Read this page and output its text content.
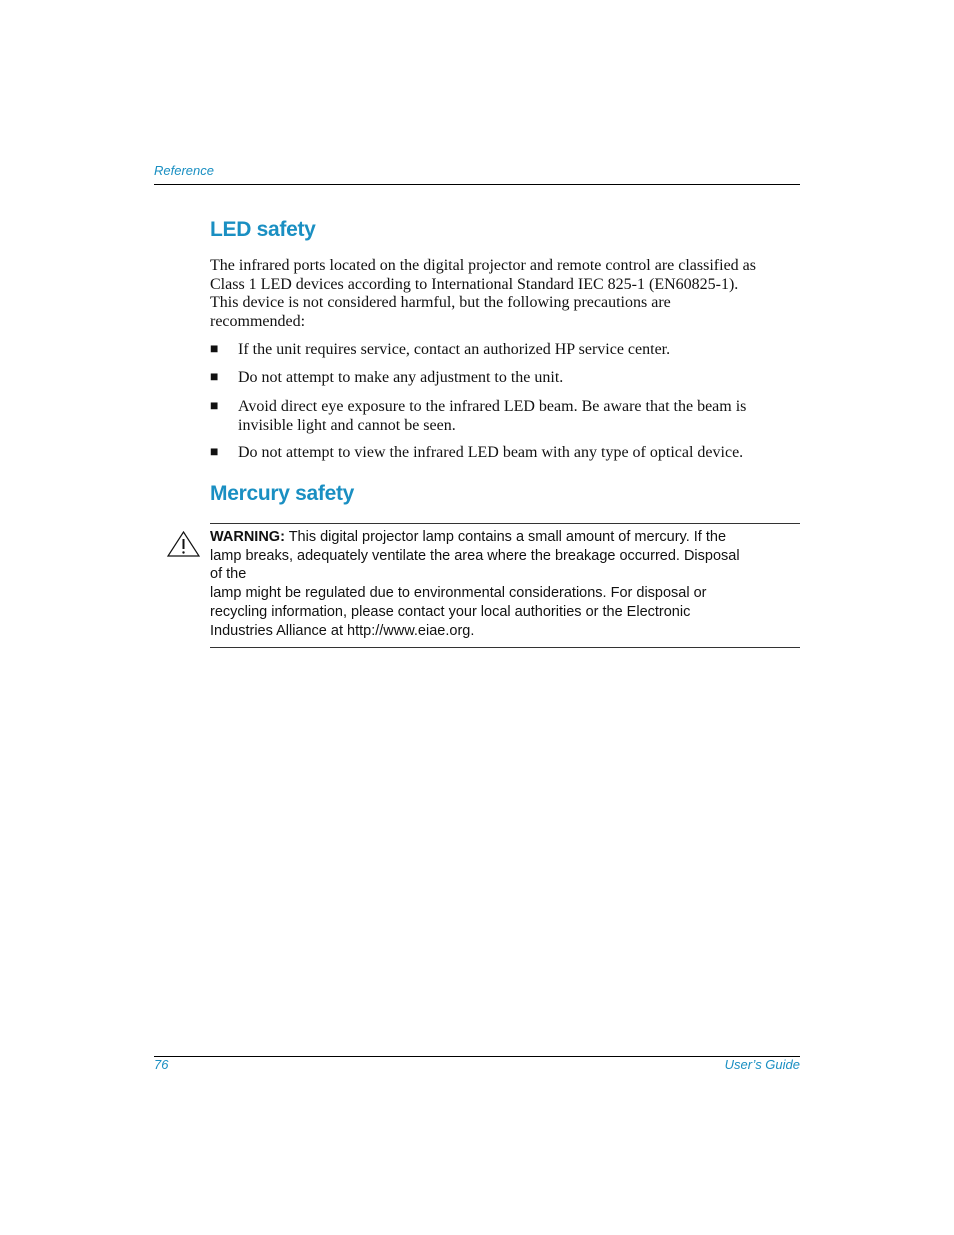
Reference
LED safety
The infrared ports located on the digital projector and remote control are classified as
Class 1 LED devices according to International Standard IEC 825-1 (EN60825-1).
This device is not considered harmful, but the following precautions are
recommended:
■ If the unit requires service, contact an authorized HP service center.
■ Do not attempt to make any adjustment to the unit.
■ Avoid direct eye exposure to the infrared LED beam. Be aware that the beam is
invisible light and cannot be seen.
■ Do not attempt to view the infrared LED beam with any type of optical device.
Mercury safety
WARNING: This digital projector lamp contains a small amount of mercury. If the
lamp breaks, adequately ventilate the area where the breakage occurred. Disposal
of the
lamp might be regulated due to environmental considerations. For disposal or
recycling information, please contact your local authorities or the Electronic
Industries Alliance at http://www.eiae.org.
76	User’s Guide
